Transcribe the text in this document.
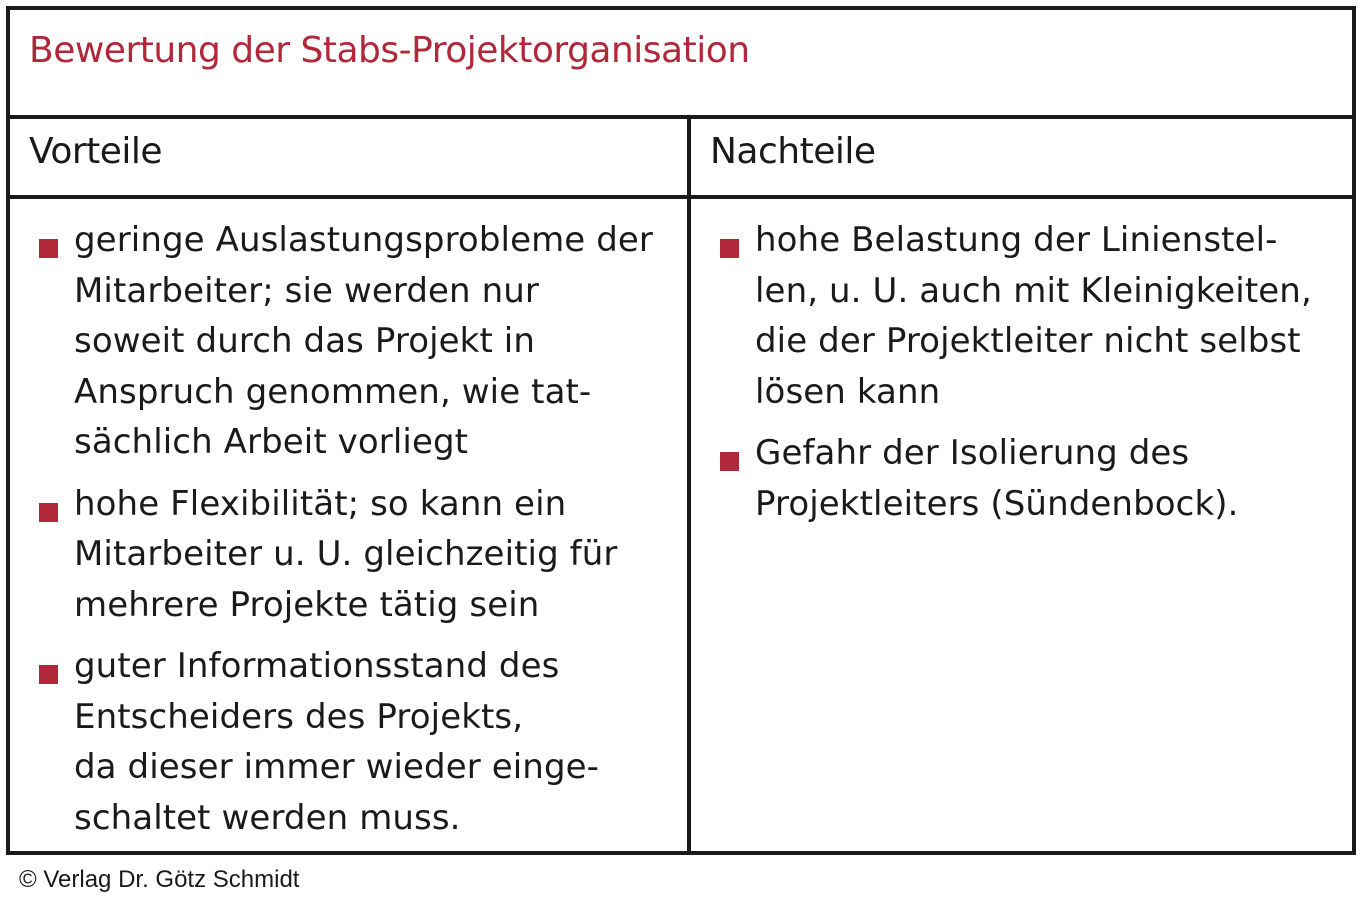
Bewertung der Stabs-Projektorganisation
Vorteile
geringe Auslastungsprobleme der
Mitarbeiter; sie werden nur
soweit durch das Projekt in
Anspruch genommen, wie tat-
sächlich Arbeit vorliegt
hohe Flexibilität; so kann ein
Mitarbeiter u. U. gleichzeitig für
mehrere Projekte tätig sein
guter Informationsstand des
Entscheiders des Projekts,
da dieser immer wieder einge-
schaltet werden muss.
Nachteile
hohe Belastung der Linienstel-
len, u. U. auch mit Kleinigkeiten,
die der Projektleiter nicht selbst
lösen kann
Gefahr der Isolierung des
Projektleiters (Sündenbock).
© Verlag Dr. Götz Schmidt
